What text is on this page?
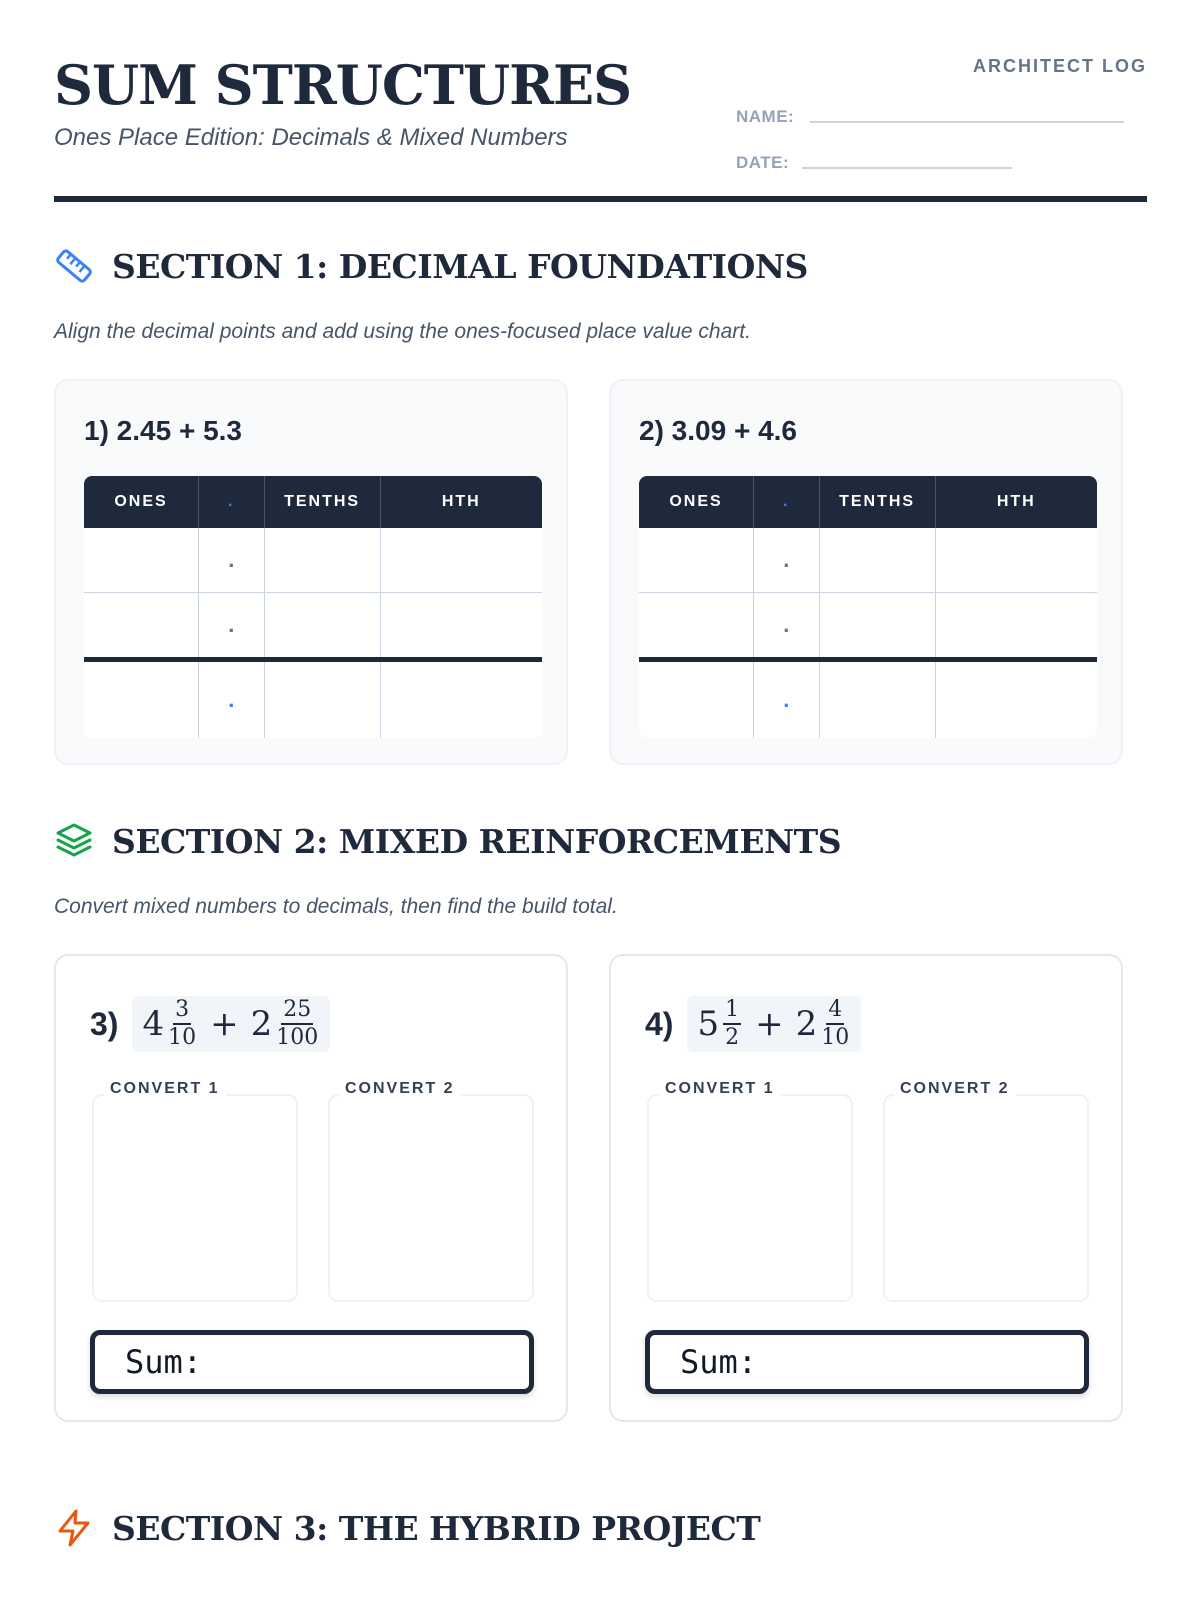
SUM STRUCTURES

Ones Place Edition: Decimals & Mixed Numbers

ARCHITECT LOG
NAME:
DATE:
SECTION 1: DECIMAL FOUNDATIONS
Align the decimal points and add using the ones-focused place value chart.
1) 2.45 + 5.3
ONES	.	TENTHS	HTH
	.		
	.		
	.		
2) 3.09 + 4.6
ONES	.	TENTHS	HTH
	.		
	.		
	.		
SECTION 2: MIXED REINFORCEMENTS
Convert mixed numbers to decimals, then find the build total.
3) $4 \frac{3}{10} + 2 \frac{25}{100}$
CONVERT 1	CONVERT 2
Sum:
4) $5 \frac{1}{2} + 2 \frac{4}{10}$
CONVERT 1	CONVERT 2
Sum:
SECTION 3: THE HYBRID PROJECT
